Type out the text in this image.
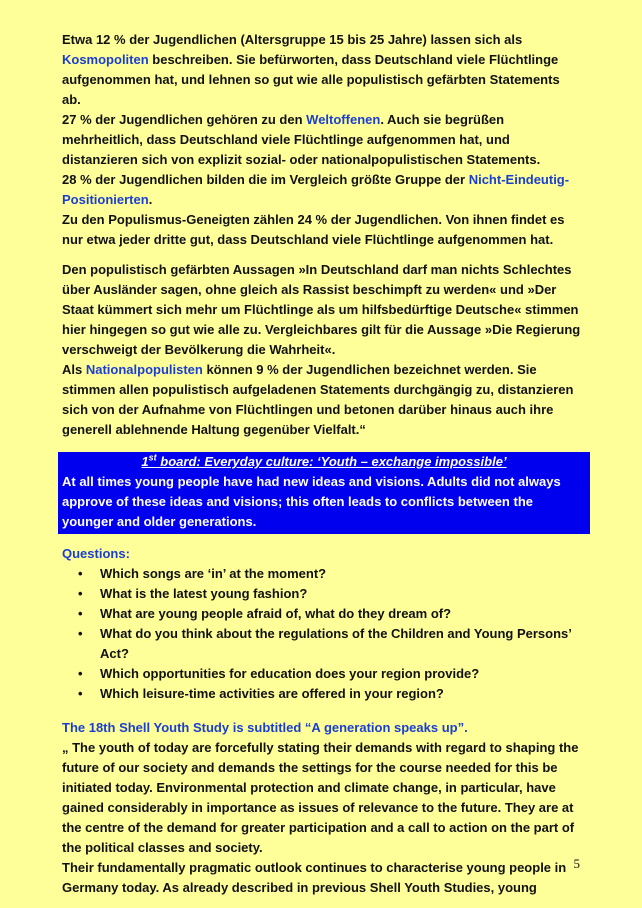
Etwa 12 % der Jugendlichen (Altersgruppe 15 bis 25 Jahre) lassen sich als Kosmopoliten beschreiben. Sie befürworten, dass Deutschland viele Flüchtlinge aufgenommen hat, und lehnen so gut wie alle populistisch gefärbten Statements ab.

27 % der Jugendlichen gehören zu den Weltoffenen. Auch sie begrüßen mehrheitlich, dass Deutschland viele Flüchtlinge aufgenommen hat, und distanzieren sich von explizit sozial- oder nationalpopulistischen Statements.

28 % der Jugendlichen bilden die im Vergleich größte Gruppe der Nicht-Eindeutig-Positionierten.

Zu den Populismus-Geneigten zählen 24 % der Jugendlichen. Von ihnen findet es nur etwa jeder dritte gut, dass Deutschland viele Flüchtlinge aufgenommen hat.

Den populistisch gefärbten Aussagen »In Deutschland darf man nichts Schlechtes über Ausländer sagen, ohne gleich als Rassist beschimpft zu werden« und »Der Staat kümmert sich mehr um Flüchtlinge als um hilfsbedürftige Deutsche« stimmen hier hingegen so gut wie alle zu. Vergleichbares gilt für die Aussage »Die Regierung verschweigt der Bevölkerung die Wahrheit«.

Als Nationalpopulisten können 9 % der Jugendlichen bezeichnet werden. Sie stimmen allen populistisch aufgeladenen Statements durchgängig zu, distanzieren sich von der Aufnahme von Flüchtlingen und betonen darüber hinaus auch ihre generell ablehnende Haltung gegenüber Vielfalt.“

1st board: Everyday culture: ‘Youth – exchange impossible’

At all times young people have had new ideas and visions. Adults did not always approve of these ideas and visions; this often leads to conflicts between the younger and older generations.

Questions:

• Which songs are ‘in’ at the moment?
• What is the latest young fashion?
• What are young people afraid of, what do they dream of?
• What do you think about the regulations of the Children and Young Persons’ Act?
• Which opportunities for education does your region provide?
• Which leisure-time activities are offered in your region?

The 18th Shell Youth Study is subtitled “A generation speaks up”.

„ The youth of today are forcefully stating their demands with regard to shaping the future of our society and demands the settings for the course needed for this be initiated today. Environmental protection and climate change, in particular, have gained considerably in importance as issues of relevance to the future. They are at the centre of the demand for greater participation and a call to action on the part of the political classes and society.

Their fundamentally pragmatic outlook continues to characterise young people in Germany today. As already described in previous Shell Youth Studies, young

5
